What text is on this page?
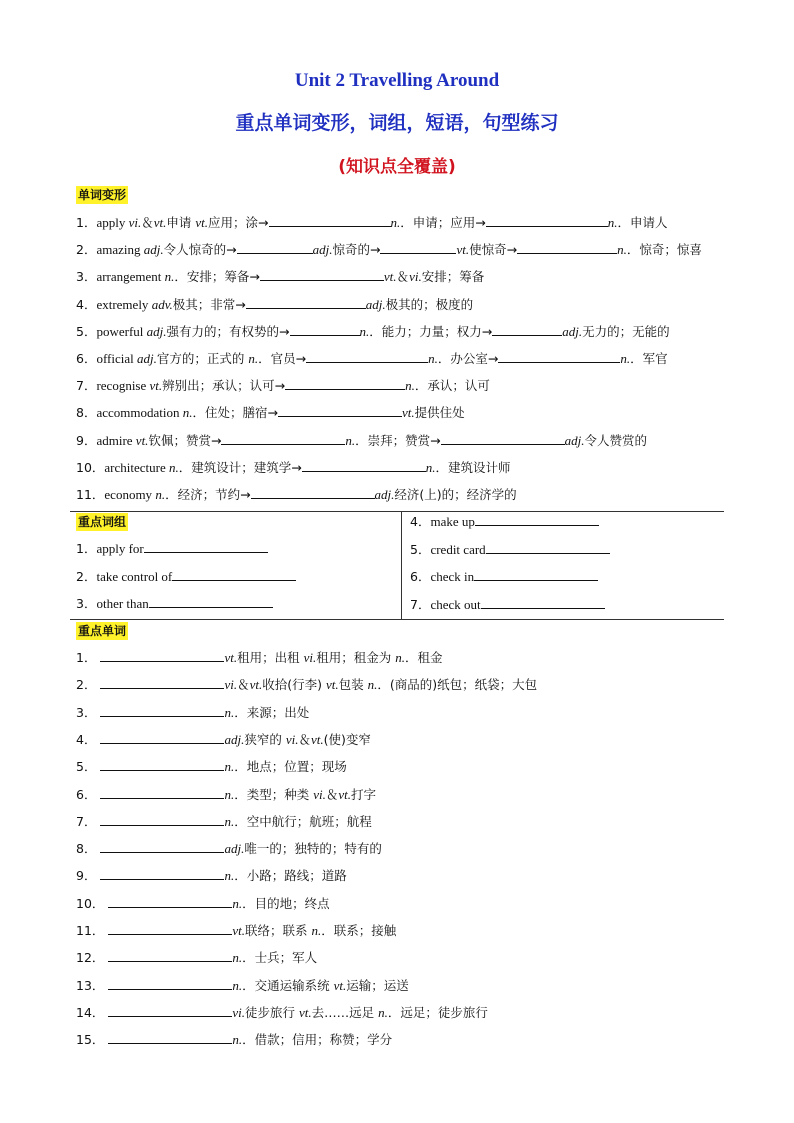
Unit 2 Travelling Around
重点单词变形，词组，短语，句型练习
(知识点全覆盖)
单词变形
1．apply vi.＆vt.申请 vt.应用；涂→	n.．申请；应用→	n.．申请人
2．amazing adj.令人惊奇的→	adj.惊奇的→	vt.使惊奇→	n.．惊奇；惊喜
3．arrangement n.．安排；筹备→	vt.＆vi.安排；筹备
4．extremely adv.极其；非常→	adj.极其的；极度的
5．powerful adj.强有力的；有权势的→	n.．能力；力量；权力→	adj.无力的；无能的
6．official adj.官方的；正式的 n.．官员→	n.．办公室→	n.．军官
7．recognise vt.辨别出；承认；认可→	n.．承认；认可
8．accommodation n.．住处；膳宿→	vt.提供住处
9．admire vt.钦佩；赞赏→	n.．崇拜；赞赏→	adj.令人赞赏的
10．architecture n.．建筑设计；建筑学→	n.．建筑设计师
11．economy n.．经济；节约→	adj.经济(上)的；经济学的
重点词组
1．apply for
2．take control of
3．other than
4．make up
5．credit card
6．check in
7．check out
重点单词
1．	vt.租用；出租 vi.租用；租金为 n.．租金
2．	vi.＆vt.收拾(行李) vt.包装 n.．(商品的)纸包；纸袋；大包
3．	n.．来源；出处
4．	adj.狭窄的 vi.＆vt.(使)变窄
5．	n.．地点；位置；现场
6．	n.．类型；种类 vi.＆vt.打字
7．	n.．空中航行；航班；航程
8．	adj.唯一的；独特的；特有的
9．	n.．小路；路线；道路
10．	n.．目的地；终点
11．	vt.联络；联系 n.．联系；接触
12．	n.．士兵；军人
13．	n.．交通运输系统 vt.运输；运送
14．	vi.徒步旅行 vt.去……远足 n.．远足；徒步旅行
15．	n.．借款；信用；称赞；学分
